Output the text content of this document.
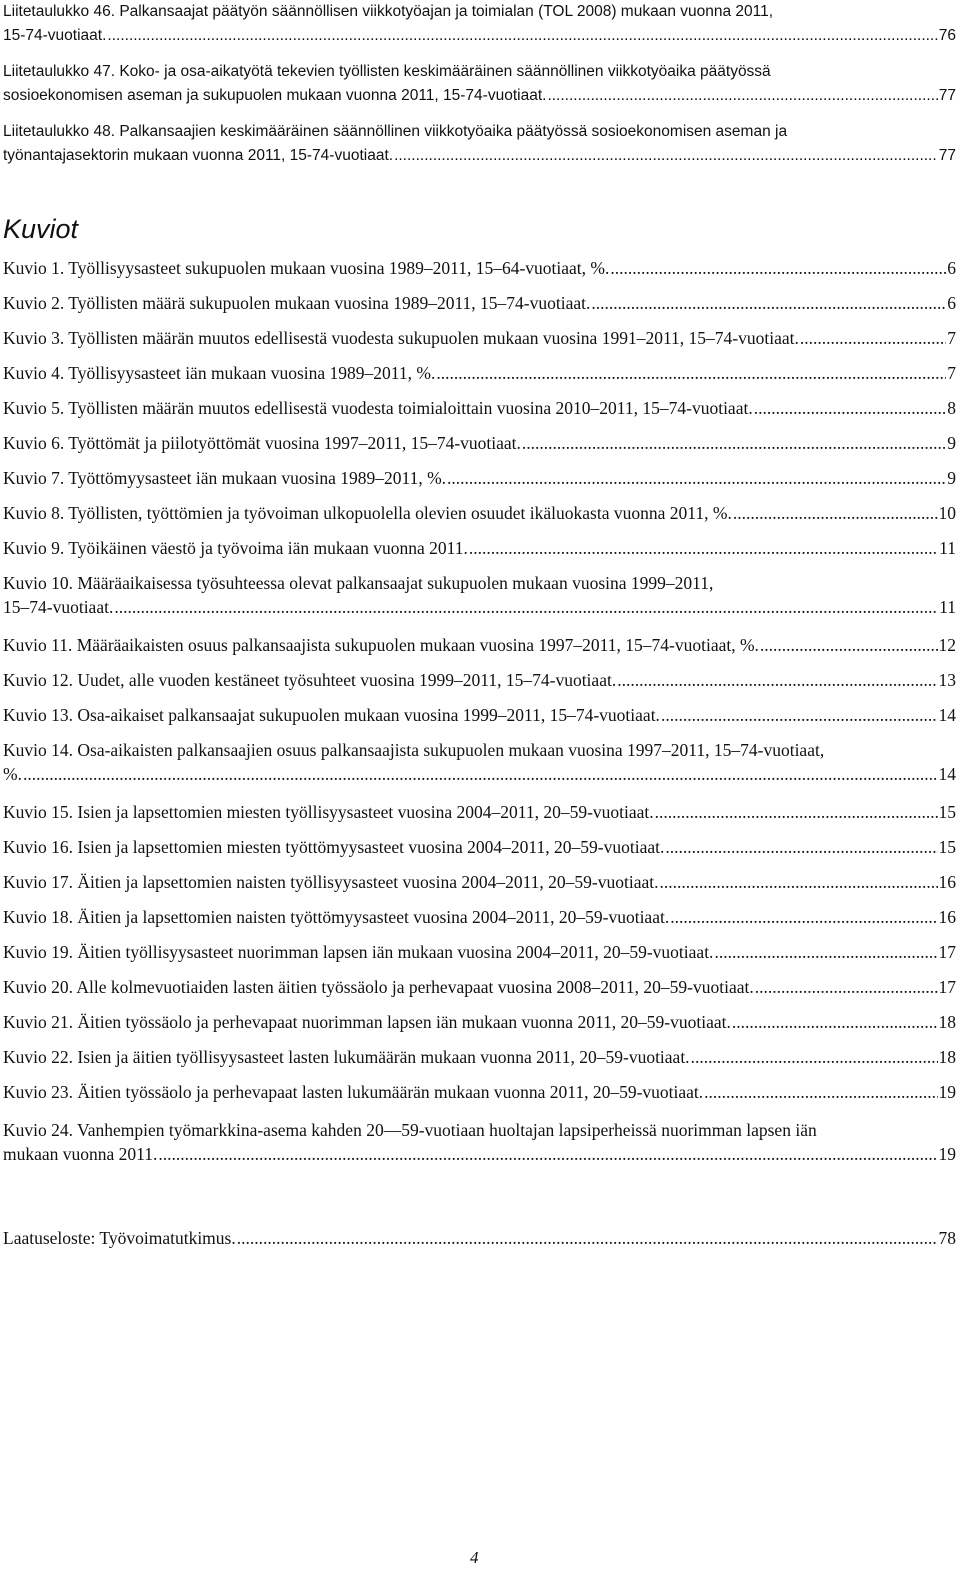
Liitetaulukko 46. Palkansaajat päätyön säännöllisen viikkotyöajan ja toimialan (TOL 2008) mukaan vuonna 2011,
15-74-vuotiaat. .....	76
Liitetaulukko 47. Koko- ja osa-aikatyötä tekevien työllisten keskimääräinen säännöllinen viikkotyöaika päätyössä
sosioekonomisen aseman ja sukupuolen mukaan vuonna 2011, 15-74-vuotiaat. .....	77
Liitetaulukko 48. Palkansaajien keskimääräinen säännöllinen viikkotyöaika päätyössä sosioekonomisen aseman ja
työnantajasektorin mukaan vuonna 2011, 15-74-vuotiaat. .....	77
Kuviot
Kuvio 1. Työllisyysasteet sukupuolen mukaan vuosina 1989–2011, 15–64-vuotiaat, %. .....	6
Kuvio 2. Työllisten määrä sukupuolen mukaan vuosina 1989–2011, 15–74-vuotiaat. .....	6
Kuvio 3. Työllisten määrän muutos edellisestä vuodesta sukupuolen mukaan vuosina 1991–2011, 15–74-vuotiaat. .....	7
Kuvio 4. Työllisyysasteet iän mukaan vuosina 1989–2011, %. .....	7
Kuvio 5. Työllisten määrän muutos edellisestä vuodesta toimialoittain vuosina 2010–2011, 15–74-vuotiaat. .....	8
Kuvio 6. Työttömät ja piilotyöttömät vuosina 1997–2011, 15–74-vuotiaat. .....	9
Kuvio 7. Työttömyysasteet iän mukaan vuosina 1989–2011, %. .....	9
Kuvio 8. Työllisten, työttömien ja työvoiman ulkopuolella olevien osuudet ikäluokasta vuonna 2011, %. .....	10
Kuvio 9. Työikäinen väestö ja työvoima iän mukaan vuonna 2011. .....	11
Kuvio 10. Määräaikaisessa työsuhteessa olevat palkansaajat sukupuolen mukaan vuosina 1999–2011,
15–74-vuotiaat. .....	11
Kuvio 11. Määräaikaisten osuus palkansaajista sukupuolen mukaan vuosina 1997–2011, 15–74-vuotiaat, %. .....	12
Kuvio 12. Uudet, alle vuoden kestäneet työsuhteet vuosina 1999–2011, 15–74-vuotiaat. .....	13
Kuvio 13. Osa-aikaiset palkansaajat sukupuolen mukaan vuosina 1999–2011, 15–74-vuotiaat. .....	14
Kuvio 14. Osa-aikaisten palkansaajien osuus palkansaajista sukupuolen mukaan vuosina 1997–2011, 15–74-vuotiaat,
%. .....	14
Kuvio 15. Isien ja lapsettomien miesten työllisyysasteet vuosina 2004–2011, 20–59-vuotiaat. .....	15
Kuvio 16. Isien ja lapsettomien miesten työttömyysasteet vuosina 2004–2011, 20–59-vuotiaat. .....	15
Kuvio 17. Äitien ja lapsettomien naisten työllisyysasteet vuosina 2004–2011, 20–59-vuotiaat. .....	16
Kuvio 18. Äitien ja lapsettomien naisten työttömyysasteet vuosina 2004–2011, 20–59-vuotiaat. .....	16
Kuvio 19. Äitien työllisyysasteet nuorimman lapsen iän mukaan vuosina 2004–2011, 20–59-vuotiaat. .....	17
Kuvio 20. Alle kolmevuotiaiden lasten äitien työssäolo ja perhevapaat vuosina 2008–2011, 20–59-vuotiaat. .....	17
Kuvio 21. Äitien työssäolo ja perhevapaat nuorimman lapsen iän mukaan vuonna 2011, 20–59-vuotiaat. .....	18
Kuvio 22. Isien ja äitien työllisyysasteet lasten lukumäärän mukaan vuonna 2011, 20–59-vuotiaat. .....	18
Kuvio 23. Äitien työssäolo ja perhevapaat lasten lukumäärän mukaan vuonna 2011, 20–59-vuotiaat. .....	19
Kuvio 24. Vanhempien työmarkkina-asema kahden 20—59-vuotiaan huoltajan lapsiperheissä nuorimman lapsen iän
mukaan vuonna 2011. .....	19
Laatuseloste: Työvoimatutkimus. .....	78
4
